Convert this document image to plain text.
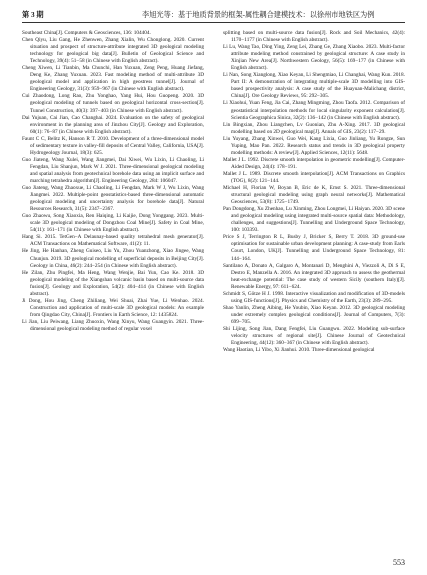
第 3 期	李旭光等：基于地质背景的框架-属性耦合建模技术：以徐州市地铁区为例

Southeast China[J]. Computers & Geosciences, 136: 104404.

Chen Qiyu, Liu Gang, He Zhenwen, Zhang Xialin, Wu Chonglong. 2020. Current situation and prospect of structure-attribute integrated 3D geological modeling technology for geological big data[J]. Bulletin of Geological Science and Technology, 39(4): 51−58 (in Chinese with English abstract).

Cheng Xiwen, Li Tianbin, Ma Chunchi, Han Yuxuan, Zeng Peng, Huang Jiefang, Deng Ke, Zhang Yuxuan. 2023. Fast modeling method of multi-attribute 3D geological model and application in high geostress tunnel[J]. Journal of Engineering Geology, 31(3): 959−967 (in Chinese with English abstract).

Cui Zhaodong, Long Rao, Zhu Yonghao, Yang Hui, Hou Guopeng. 2020. 3D geological modeling of tunnels based on geological horizontal cross-section[J]. Tunnel Construction, 40(3): 397−403 (in Chinese with English abstract).

Dai Yujuan, Cai Jian, Cao Changhai. 2024. Evaluation on the safety of geological environment in the planning area of Jinzhou City[J]. Geology and Exploration, 60(1): 76−87 (in Chinese with English abstract).

Faunt C C, Belitz K, Hanson R T. 2010. Development of a three-dimensional model of sedimentary texture in valley-fill deposits of Central Valley, California, USA[J]. Hydrogeology Journal, 18(3): 625.

Guo Jiateng, Wang Xulei, Wang Jiangmei, Dai Xiwei, Wu Lixin, Li Chaoling, Li Fengdan, Liu Shanjun, Mark W J. 2021. Three-dimensional geological modeling and spatial analysis from geotechnical borehole data using an implicit surface and marching tetrahedra algorithm[J]. Engineering Geology, 284: 106047.

Guo Jiateng, Wang Zhaoxue, Li Chaoling, Li Fengdan, Mark W J, Wu Lixin, Wang Jiangmei. 2022. Multiple-point geostatistics-based three-dimensional automatic geological modeling and uncertainty analysis for borehole data[J]. Natural Resources Research, 31(5): 2347−2367.

Guo Zhaowu, Song Xiaoxia, Ren Haiqing, Li Kaijie, Dong Yonggang. 2023. Multi-scale 3D geological modeling of Dongzhou Coal Mine[J]. Safety in Coal Mine, 54(11): 161−171 (in Chinese with English abstract).

Hang Si. 2015. TetGen−A Delaunay-based quality tetrahedral mesh generator[J]. ACM Transactions on Mathematical Software, 41(2): 11.

He Jing, He Hanhan, Zheng Guiseo, Liu Yu, Zhou Yuanzhong, Xiao Jingee, Wang Chunjun. 2019. 3D geological modelling of superficial deposits in Beijing City[J]. Geology in China, 46(2): 244−254 (in Chinese with English abstract).

He Zilan, Zhu Pingfei, Ma Heng, Wang Wenjie, Bai Yun, Cao Ke. 2018. 3D geological modeling of the Xiangshan volcanic basin based on multi-source data fusion[J]. Geology and Exploration, 54(2): 404−414 (in Chinese with English abstract).

Ji Dong, Hou Jing, Cheng Zhiliang, Wei Shuai, Zhai Yue, Li Wenhao. 2024. Construction and application of multi-scale 3D geological models: An example from Qingdao City, China[J]. Frontiers in Earth Science, 12: 1435824.

Li Jian, Liu Peiwang, Liang Zhuoxin, Wang Xinyu, Wang Guangyin. 2021. Three-dimensional geological modeling method of regular voxel

splitting based on multi-source data fusion[J]. Rock and Soil Mechanics, 42(4): 1170−1177 (in Chinese with English abstract).

Li Lu, Wang Tao, Ding Ying, Zeng Lei, Zhang Ge, Zhang Xiaobo. 2023. Multi-factor attribute modeling method constrained by geological structure: A case study in Xinjian New Area[J]. Northwestern Geology, 56(5): 169−177 (in Chinese with English abstract).

Li Nan, Song Xianglong, Xiao Keyan, Li Shengmiao, Li Changhai, Wang Kun. 2018. Part II: A demonstration of integrating multiple-scale 3D modelling into GIS-based prospectivity analysis: A case study of the Huayuan-Malichang district, China[J]. Ore Geology Reviews, 95: 292−305.

Li Xiaohui, Yuan Feng, Jia Cai, Zhang Mingming, Zhou Taofa. 2012. Comparison of geostatistical interpolation methods for local singularity exponent calculation[J]. Scientia Geographica Sinica, 32(2): 136−142 (in Chinese with English abstract).

Lin Bingxian, Zhou Liangchen, Lv Guonian, Zhu A-Xing. 2017. 3D geological modelling based on 2D geological map[J]. Annals of GIS, 23(2): 117−29.

Liu Yuyang, Zhang Xinwei, Guo Wei, Kang Lixia, Guo Jinliang, Yu Rongze, Sun Yuping, Mao Pan. 2022. Research status and trends in 3D geological property modelling methods: A review[J]. Applied Sciences, 12(11): 5648.

Mallet J L. 1992. Discrete smooth interpolation in geometric modelling[J]. Computer-Aided Design, 24(4): 178−191.

Mallet J L. 1989. Discrete smooth interpolation[J]. ACM Transactions on Graphics (TOG), 8(2): 121−144.

Michael H, Florian W, Boyan B, Eric de K, Ernst S. 2021. Three-dimensional structural geological modeling using graph neural networks[J]. Mathematical Geosciences, 53(8): 1725−1749.

Pan Dongdong, Xu Zhenhao, Lu Xinming, Zhou Longmei, Li Haiyan. 2020. 3D scene and geological modeling using integrated multi-source spatial data: Methodology, challenges, and suggestions[J]. Tunnelling and Underground Space Technology, 100: 103393.

Price S J, Terrington R L, Busby J, Bricker S, Berry T. 2018. 3D ground-use optimisation for sustainable urban development planning: A case-study from Earls Court, London, UK[J]. Tunnelling and Underground Space Technology, 81: 144−164.

Santilano A, Donato A, Galgaro A, Montanari D, Menghini A, Viezzoli A, Di S E, Destro E, Manzella A. 2016. An integrated 3D approach to assess the geothermal heat-exchange potential: The case study of western Sicily (southern Italy)[J]. Renewable Energy, 97: 611−624.

Schmidt S, Götze H J. 1998. Interactive visualization and modification of 3D-models using GIS-functions[J]. Physics and Chemistry of the Earth, 23(3): 289−295.

Shao Yanlin, Zheng Aibing, He Youbin, Xiao Keyan. 2012. 3D geological modeling under extremely complex geological conditions[J]. Journal of Computers, 7(3): 699−705.

Shi Lijing, Song Jian, Dang Fengfei, Liu Guangwu. 2022. Modeling sub-surface velocity structures of regional site[J]. Chinese Journal of Geotechnical Engineering, 44(12): 360−367 (in Chinese with English abstract).

Wang Haotian, Li Yibo, Xi Jianhui. 2010. Three-dimensional geological

553
